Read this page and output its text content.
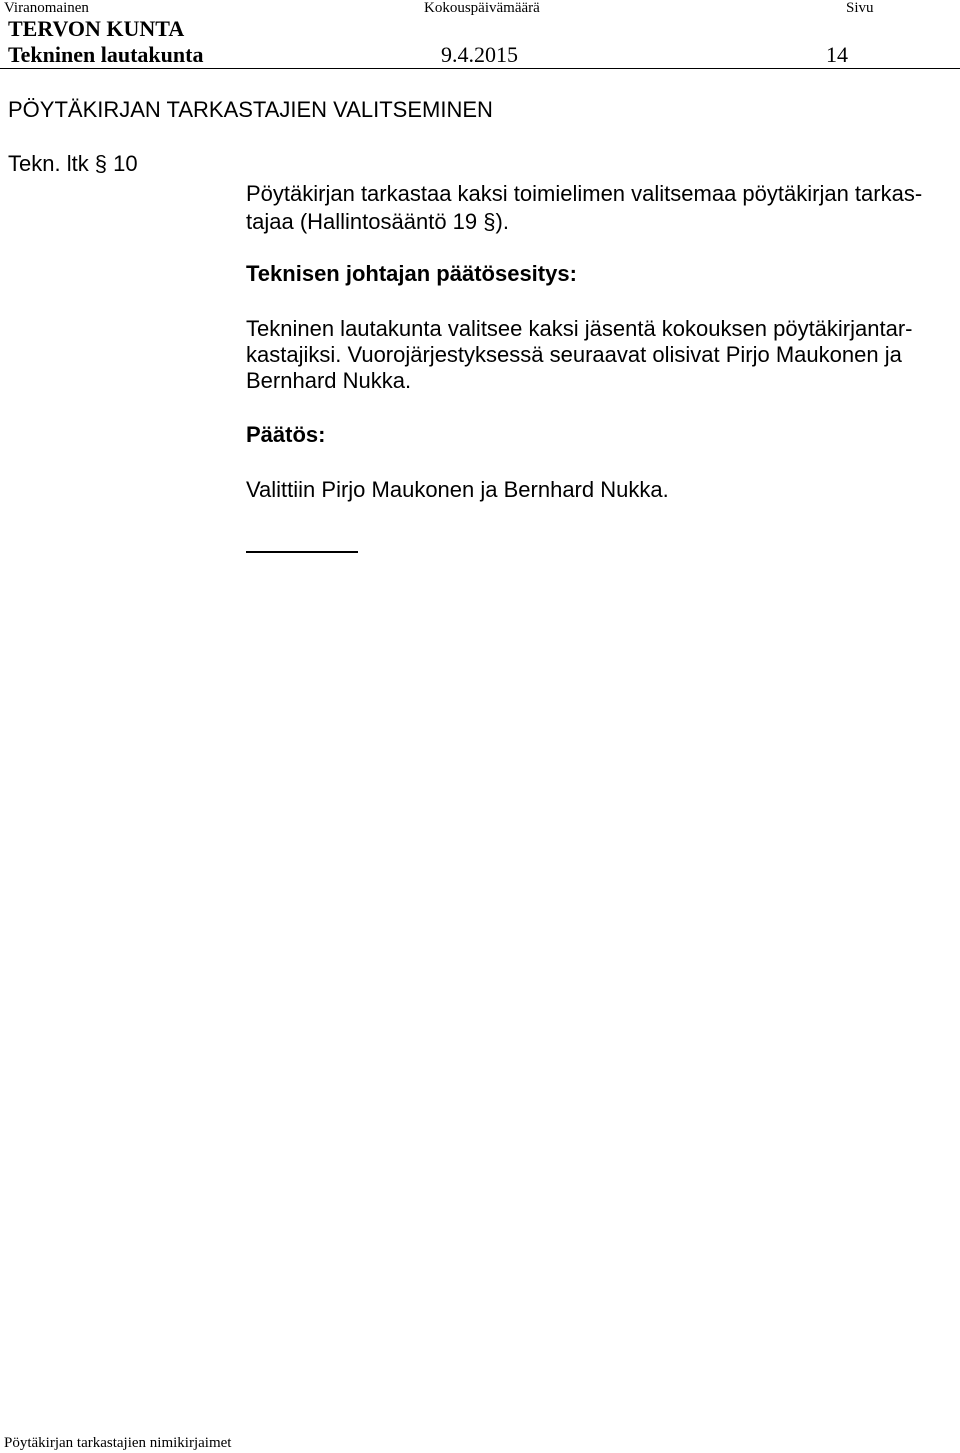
Viranomainen	Kokouspäivämäärä	Sivu
TERVON KUNTA
Tekninen lautakunta	9.4.2015	14
PÖYTÄKIRJAN TARKASTAJIEN VALITSEMINEN
Tekn. ltk § 10
Pöytäkirjan tarkastaa kaksi toimielimen valitsemaa pöytäkirjan tarkas-
tajaa (Hallintosääntö 19 §).
Teknisen johtajan päätösesitys:
Tekninen lautakunta valitsee kaksi jäsentä kokouksen pöytäkirjantar-
kastajiksi. Vuorojärjestyksessä seuraavat olisivat Pirjo Maukonen ja
Bernhard Nukka.
Päätös:
Valittiin Pirjo Maukonen ja Bernhard Nukka.
Pöytäkirjan tarkastajien nimikirjaimet
